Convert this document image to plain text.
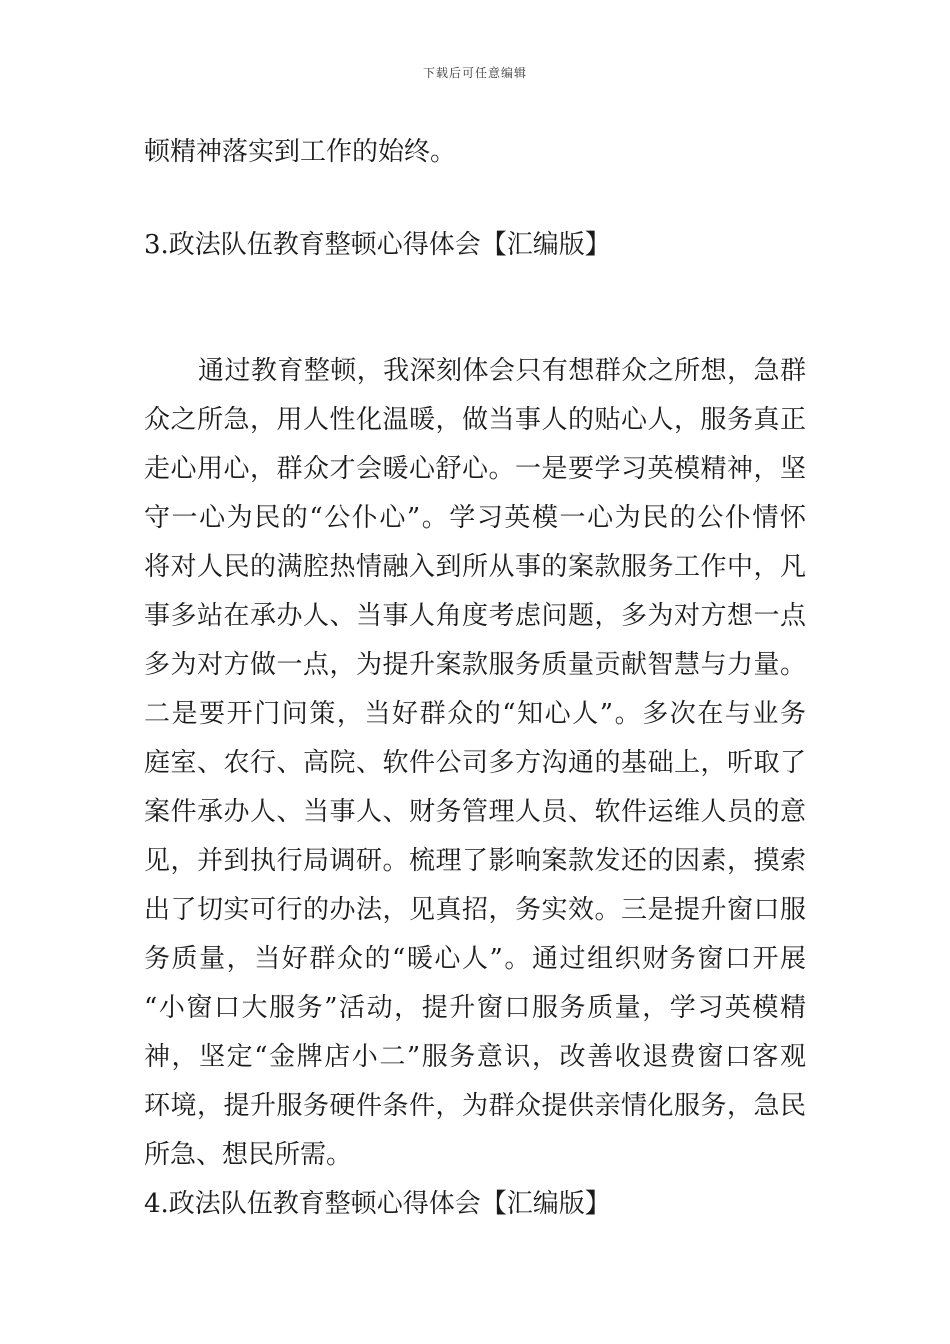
下载后可任意编辑
顿精神落实到工作的始终。
3.政法队伍教育整顿心得体会【汇编版】
通过教育整顿，我深刻体会只有想群众之所想，急群
众之所急，用人性化温暖，做当事人的贴心人，服务真正
走心用心，群众才会暖心舒心。一是要学习英模精神，坚
守一心为民的“公仆心”。学习英模一心为民的公仆情怀
将对人民的满腔热情融入到所从事的案款服务工作中，凡
事多站在承办人、当事人角度考虑问题，多为对方想一点
多为对方做一点，为提升案款服务质量贡献智慧与力量。
二是要开门问策，当好群众的“知心人”。多次在与业务
庭室、农行、高院、软件公司多方沟通的基础上，听取了
案件承办人、当事人、财务管理人员、软件运维人员的意
见，并到执行局调研。梳理了影响案款发还的因素，摸索
出了切实可行的办法，见真招，务实效。三是提升窗口服
务质量，当好群众的“暖心人”。通过组织财务窗口开展
“小窗口大服务”活动，提升窗口服务质量，学习英模精
神，坚定“金牌店小二”服务意识，改善收退费窗口客观
环境，提升服务硬件条件，为群众提供亲情化服务，急民
所急、想民所需。
4.政法队伍教育整顿心得体会【汇编版】
